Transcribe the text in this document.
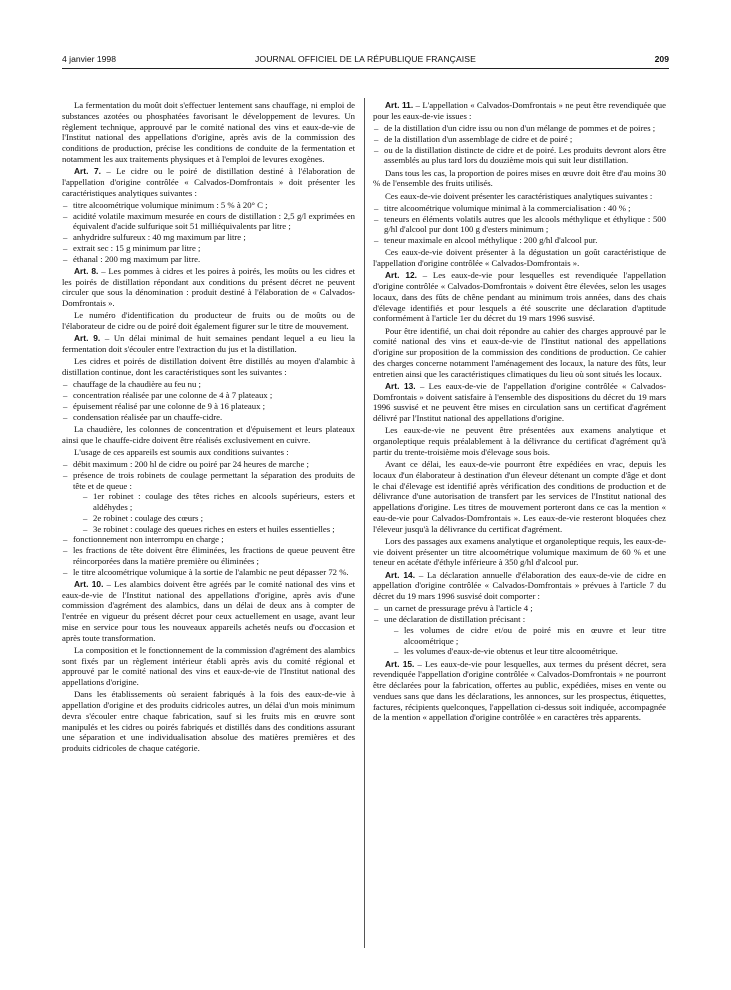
4 janvier 1998	JOURNAL OFFICIEL DE LA RÉPUBLIQUE FRANÇAISE	209

La fermentation du moût doit s'effectuer lentement sans chauffage, ni emploi de substances azotées ou phosphatées favorisant le développement de levures. Un règlement technique, approuvé par le comité national des vins et eaux-de-vie de l'Institut national des appellations d'origine, après avis de la commission des conditions de production, précise les conditions de conduite de la fermentation et notamment les aux traitements physiques et à l'emploi de levures exogènes.

Art. 7. – Le cidre ou le poiré de distillation destiné à l'élaboration de l'appellation d'origine contrôlée « Calvados-Domfrontais » doit présenter les caractéristiques analytiques suivantes :

– titre alcoométrique volumique minimum : 5 % à 20° C ;
– acidité volatile maximum mesurée en cours de distillation : 2,5 g/l exprimées en équivalent d'acide sulfurique soit 51 milliéquivalents par litre ;
– anhydridre sulfureux : 40 mg maximum par litre ;
– extrait sec : 15 g minimum par litre ;
– éthanal : 200 mg maximum par litre.

Art. 8. – Les pommes à cidres et les poires à poirés, les moûts ou les cidres et les poirés de distillation répondant aux conditions du présent décret ne peuvent circuler que sous la dénomination : produit destiné à l'élaboration de « Calvados-Domfrontais ».

Le numéro d'identification du producteur de fruits ou de moûts ou de l'élaborateur de cidre ou de poiré doit également figurer sur le titre de mouvement.

Art. 9. – Un délai minimal de huit semaines pendant lequel a eu lieu la fermentation doit s'écouler entre l'extraction du jus et la distillation.

Les cidres et poirés de distillation doivent être distillés au moyen d'alambic à distillation continue, dont les caractéristiques sont les suivantes :

– chauffage de la chaudière au feu nu ;
– concentration réalisée par une colonne de 4 à 7 plateaux ;
– épuisement réalisé par une colonne de 9 à 16 plateaux ;
– condensation réalisée par un chauffe-cidre.

La chaudière, les colonnes de concentration et d'épuisement et leurs plateaux ainsi que le chauffe-cidre doivent être réalisés exclusivement en cuivre.

L'usage de ces appareils est soumis aux conditions suivantes :

– débit maximum : 200 hl de cidre ou poiré par 24 heures de marche ;
– présence de trois robinets de coulage permettant la séparation des produits de tête et de queue :
– 1er robinet : coulage des têtes riches en alcools supérieurs, esters et aldéhydes ;
– 2e robinet : coulage des cœurs ;
– 3e robinet : coulage des queues riches en esters et huiles essentielles ;
– fonctionnement non interrompu en charge ;
– les fractions de tête doivent être éliminées, les fractions de queue peuvent être réincorporées dans la matière première ou éliminées ;
– le titre alcoométrique volumique à la sortie de l'alambic ne peut dépasser 72 %.

Art. 10. – Les alambics doivent être agréés par le comité national des vins et eaux-de-vie de l'Institut national des appellations d'origine, après avis d'une commission d'agrément des alambics, dans un délai de deux ans à compter de l'entrée en vigueur du présent décret pour ceux actuellement en usage, avant leur mise en service pour tous les nouveaux appareils achetés neufs ou d'occasion et après toute transformation.

La composition et le fonctionnement de la commission d'agrément des alambics sont fixés par un règlement intérieur établi après avis du comité régional et approuvé par le comité national des vins et eaux-de-vie de l'Institut national des appellations d'origine.

Dans les établissements où seraient fabriqués à la fois des eaux-de-vie à appellation d'origine et des produits cidricoles autres, un délai d'un mois minimum devra s'écouler entre chaque fabrication, sauf si les fruits mis en œuvre sont manipulés et les cidres ou poirés fabriqués et distillés dans des conditions assurant une séparation et une individualisation absolue des matières premières et des produits cidricoles de chaque catégorie.

Art. 11. – L'appellation « Calvados-Domfrontais » ne peut être revendiquée que pour les eaux-de-vie issues :

– de la distillation d'un cidre issu ou non d'un mélange de pommes et de poires ;
– de la distillation d'un assemblage de cidre et de poiré ;
– ou de la distillation distincte de cidre et de poiré. Les produits devront alors être assemblés au plus tard lors du douzième mois qui suit leur distillation.

Dans tous les cas, la proportion de poires mises en œuvre doit être d'au moins 30 % de l'ensemble des fruits utilisés.

Ces eaux-de-vie doivent présenter les caractéristiques analytiques suivantes :

– titre alcoométrique volumique minimal à la commercialisation : 40 % ;
– teneurs en éléments volatils autres que les alcools méthylique et éthylique : 500 g/hl d'alcool pur dont 100 g d'esters minimum ;
– teneur maximale en alcool méthylique : 200 g/hl d'alcool pur.

Ces eaux-de-vie doivent présenter à la dégustation un goût caractéristique de l'appellation d'origine contrôlée « Calvados-Domfrontais ».

Art. 12. – Les eaux-de-vie pour lesquelles est revendiquée l'appellation d'origine contrôlée « Calvados-Domfrontais » doivent être élevées, selon les usages locaux, dans des fûts de chêne pendant au minimum trois années, dans des chais d'élevage identifiés et pour lesquels a été souscrite une déclaration d'aptitude conformément à l'article 1er du décret du 19 mars 1996 susvisé.

Pour être identifié, un chai doit répondre au cahier des charges approuvé par le comité national des vins et eaux-de-vie de l'Institut national des appellations d'origine sur proposition de la commission des conditions de production. Ce cahier des charges concerne notamment l'aménagement des locaux, la nature des fûts, leur entretien ainsi que les caractéristiques climatiques du lieu où sont situés les locaux.

Art. 13. – Les eaux-de-vie de l'appellation d'origine contrôlée « Calvados-Domfrontais » doivent satisfaire à l'ensemble des dispositions du décret du 19 mars 1996 susvisé et ne peuvent être mises en circulation sans un certificat d'agrément délivré par l'Institut national des appellations d'origine.

Les eaux-de-vie ne peuvent être présentées aux examens analytique et organoleptique requis préalablement à la délivrance du certificat d'agrément qu'à partir du trente-troisième mois d'élevage sous bois.

Avant ce délai, les eaux-de-vie pourront être expédiées en vrac, depuis les locaux d'un élaborateur à destination d'un éleveur détenant un compte d'âge et dont le chai d'élevage est identifié après vérification des conditions de production et de délivrance d'une autorisation de transfert par les services de l'Institut national des appellations d'origine. Les titres de mouvement porteront dans ce cas la mention « eau-de-vie pour Calvados-Domfrontais ». Les eaux-de-vie resteront bloquées chez l'éleveur jusqu'à la délivrance du certificat d'agrément.

Lors des passages aux examens analytique et organoleptique requis, les eaux-de-vie doivent présenter un titre alcoométrique volumique maximum de 60 % et une teneur en acétate d'éthyle inférieure à 350 g/hl d'alcool pur.

Art. 14. – La déclaration annuelle d'élaboration des eaux-de-vie de cidre en appellation d'origine contrôlée « Calvados-Domfrontais » prévues à l'article 7 du décret du 19 mars 1996 susvisé doit comporter :

– un carnet de pressurage prévu à l'article 4 ;
– une déclaration de distillation précisant :
– les volumes de cidre et/ou de poiré mis en œuvre et leur titre alcoométrique ;
– les volumes d'eaux-de-vie obtenus et leur titre alcoométrique.

Art. 15. – Les eaux-de-vie pour lesquelles, aux termes du présent décret, sera revendiquée l'appellation d'origine contrôlée « Calvados-Domfrontais » ne pourront être déclarées pour la fabrication, offertes au public, expédiées, mises en vente ou vendues sans que dans les déclarations, les annonces, sur les prospectus, étiquettes, factures, récipients quelconques, l'appellation ci-dessus soit indiquée, accompagnée de la mention « appellation d'origine contrôlée » en caractères très apparents.
